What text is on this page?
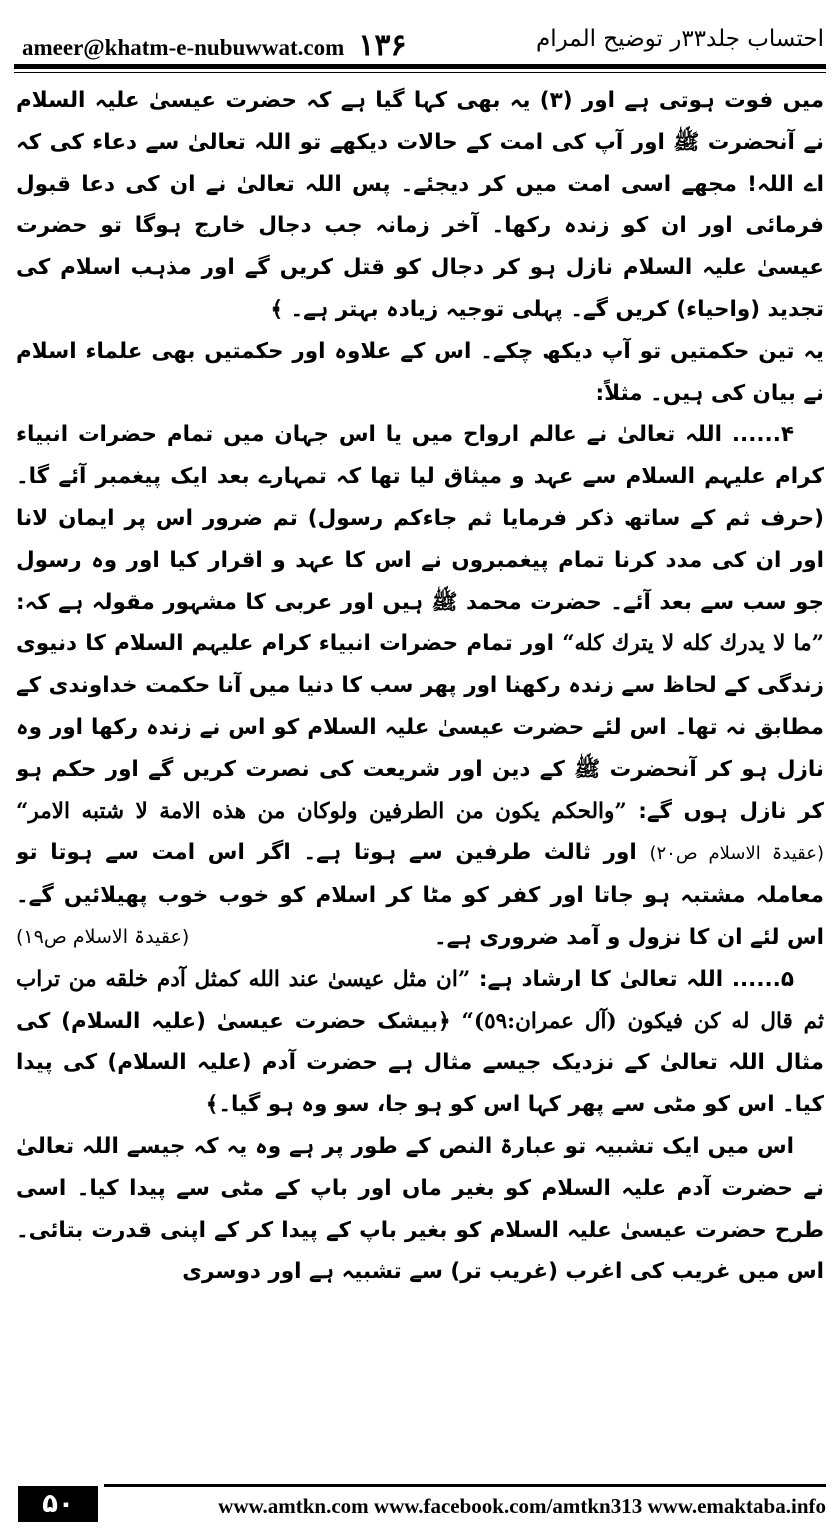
ameer@khatm-e-nubuwwat.com ۱۳۶	احتساب جلد۳۳ر توضیح المرام

میں فوت ہوتی ہے اور (۳) یہ بھی کہا گیا ہے کہ حضرت عیسیٰ علیہ السلام نے آنحضرت ﷺ اور آپ کی امت کے حالات دیکھے تو اللہ تعالیٰ سے دعاء کی کہ اے اللہ! مجھے اسی امت میں کر دیجئے۔ پس اللہ تعالیٰ نے ان کی دعا قبول فرمائی اور ان کو زندہ رکھا۔ آخر زمانہ جب دجال خارج ہوگا تو حضرت عیسیٰ علیہ السلام نازل ہو کر دجال کو قتل کریں گے اور مذہب اسلام کی تجدید (واحیاء) کریں گے۔ پہلی توجیہ زیادہ بہتر ہے۔ ﴾

یہ تین حکمتیں تو آپ دیکھ چکے۔ اس کے علاوہ اور حکمتیں بھی علماء اسلام نے بیان کی ہیں۔ مثلاً:

۴...... اللہ تعالیٰ نے عالم ارواح میں یا اس جہان میں تمام حضرات انبیاء کرام علیہم السلام سے عہد و میثاق لیا تھا کہ تمہارے بعد ایک پیغمبر آئے گا۔ (حرف ثم کے ساتھ ذکر فرمایا ثم جاءکم رسول) تم ضرور اس پر ایمان لانا اور ان کی مدد کرنا تمام پیغمبروں نے اس کا عہد و اقرار کیا اور وہ رسول جو سب سے بعد آئے۔ حضرت محمد ﷺ ہیں اور عربی کا مشہور مقولہ ہے کہ: ”ما لا یدرك كله لا يترك كله“ اور تمام حضرات انبیاء کرام علیہم السلام کا دنیوی زندگی کے لحاظ سے زندہ رکھنا اور پھر سب کا دنیا میں آنا حکمت خداوندی کے مطابق نہ تھا۔ اس لئے حضرت عیسیٰ علیہ السلام کو اس نے زندہ رکھا اور وہ نازل ہو کر آنحضرت ﷺ کے دین اور شریعت کی نصرت کریں گے اور حکم ہو کر نازل ہوں گے: ”والحكم يكون من الطرفين ولوكان من هذه الامة لا شتبه الامر“ (عقیدۃ الاسلام ص۲۰) اور ثالث طرفین سے ہوتا ہے۔ اگر اس امت سے ہوتا تو معاملہ مشتبہ ہو جاتا اور کفر کو مٹا کر اسلام کو خوب خوب پھیلائیں گے۔ اس لئے ان کا نزول و آمد ضروری ہے۔
(عقیدۃ الاسلام ص۱۹)

۵...... اللہ تعالیٰ کا ارشاد ہے: ”ان مثل عيسىٰ عند الله كمثل آدم خلقه من تراب ثم قال له كن فيكون (آل عمران:٥٩)“ ﴿بیشک حضرت عیسیٰ (علیہ السلام) کی مثال اللہ تعالیٰ کے نزدیک جیسے مثال ہے حضرت آدم (علیہ السلام) کی پیدا کیا۔ اس کو مٹی سے پھر کہا اس کو ہو جا، سو وہ ہو گیا۔﴾

اس میں ایک تشبیہ تو عبارۃ النص کے طور پر ہے وہ یہ کہ جیسے اللہ تعالیٰ نے حضرت آدم علیہ السلام کو بغیر ماں اور باپ کے مٹی سے پیدا کیا۔ اسی طرح حضرت عیسیٰ علیہ السلام کو بغیر باپ کے پیدا کر کے اپنی قدرت بتائی۔ اس میں غریب کی اغرب (غریب تر) سے تشبیہ ہے اور دوسری

۵۰	www.amtkn.com www.facebook.com/amtkn313 www.emaktaba.info
